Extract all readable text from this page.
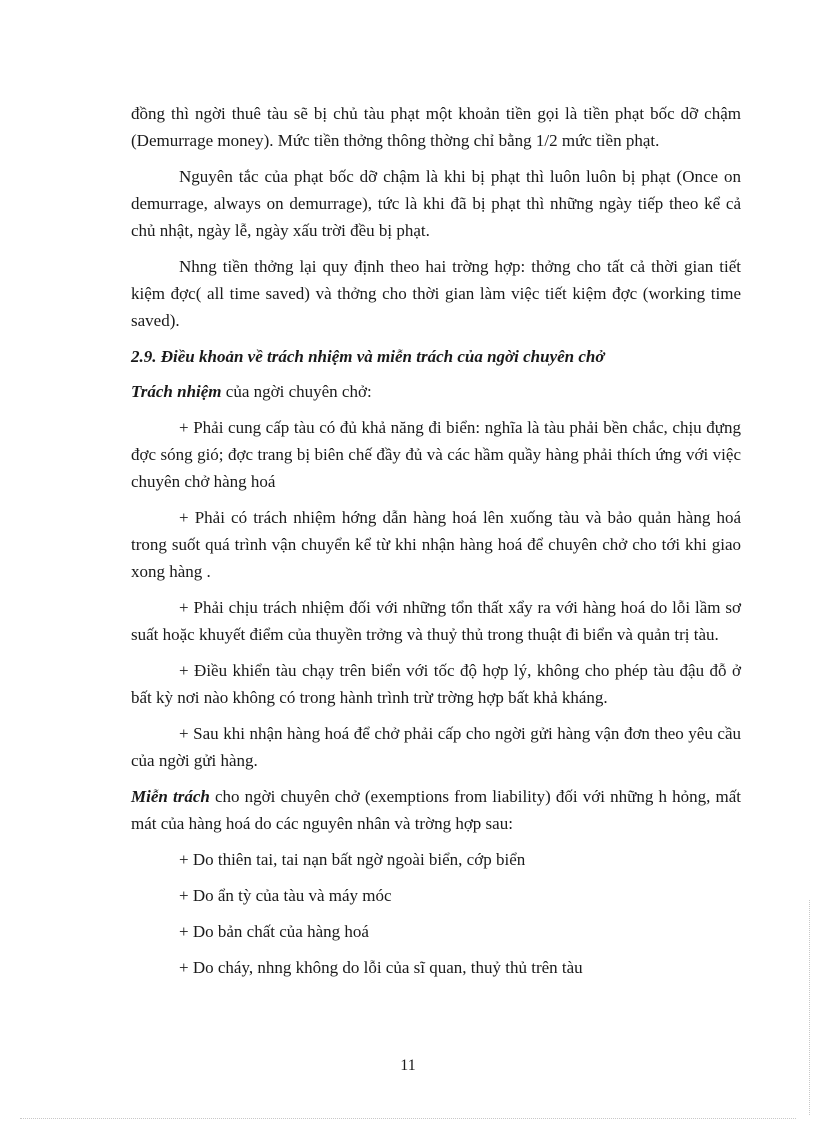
đồng thì ngời thuê tàu sẽ bị chủ tàu phạt một khoản tiền gọi là tiền phạt bốc dỡ chậm (Demurrage money). Mức tiền thởng thông thờng chỉ bằng 1/2 mức tiền phạt.

Nguyên tắc của phạt bốc dỡ chậm là khi bị phạt thì luôn luôn bị phạt (Once on demurrage, always on demurrage), tức là khi đã bị phạt thì những ngày tiếp theo kể cả chủ nhật, ngày lễ, ngày xấu trời đều bị phạt.

Nhng tiền thởng lại quy định theo hai trờng hợp: thởng cho tất cả thời gian tiết kiệm đợc( all time saved) và thởng cho thời gian làm việc tiết kiệm đợc (working time saved).

2.9. Điều khoản về trách nhiệm và miễn trách của ngời chuyên chở

Trách nhiệm của ngời chuyên chở:

+ Phải cung cấp tàu có đủ khả năng đi biển: nghĩa là tàu phải bền chắc, chịu đựng đợc sóng gió; đợc trang bị biên chế đầy đủ và các hầm quầy hàng phải thích ứng với việc chuyên chở hàng hoá

+ Phải có trách nhiệm hớng dẫn hàng hoá lên xuống tàu và bảo quản hàng hoá trong suốt quá trình vận chuyển kể từ khi nhận hàng hoá để chuyên chở cho tới khi giao xong hàng .

+ Phải chịu trách nhiệm đối với những tổn thất xẩy ra với hàng hoá do lỗi lầm sơ suất hoặc khuyết điểm của thuyền trởng và thuỷ thủ trong thuật đi biển và quản trị tàu.

+ Điều khiển tàu chạy trên biển với tốc độ hợp lý, không cho phép tàu đậu đỗ ở bất kỳ nơi nào không có trong hành trình trừ trờng hợp bất khả kháng.

+ Sau khi nhận hàng hoá để chở phải cấp cho ngời gửi hàng vận đơn theo yêu cầu của ngời gửi hàng.

Miễn trách cho ngời chuyên chở (exemptions from liability) đối với những h hỏng, mất mát của hàng hoá do các nguyên nhân và trờng hợp sau:

+ Do thiên tai, tai nạn bất ngờ ngoài biển, cớp biển

+ Do ẩn tỳ của tàu và máy móc

+ Do bản chất của hàng hoá

+ Do cháy, nhng không do lỗi của sĩ quan, thuỷ thủ trên tàu

11
